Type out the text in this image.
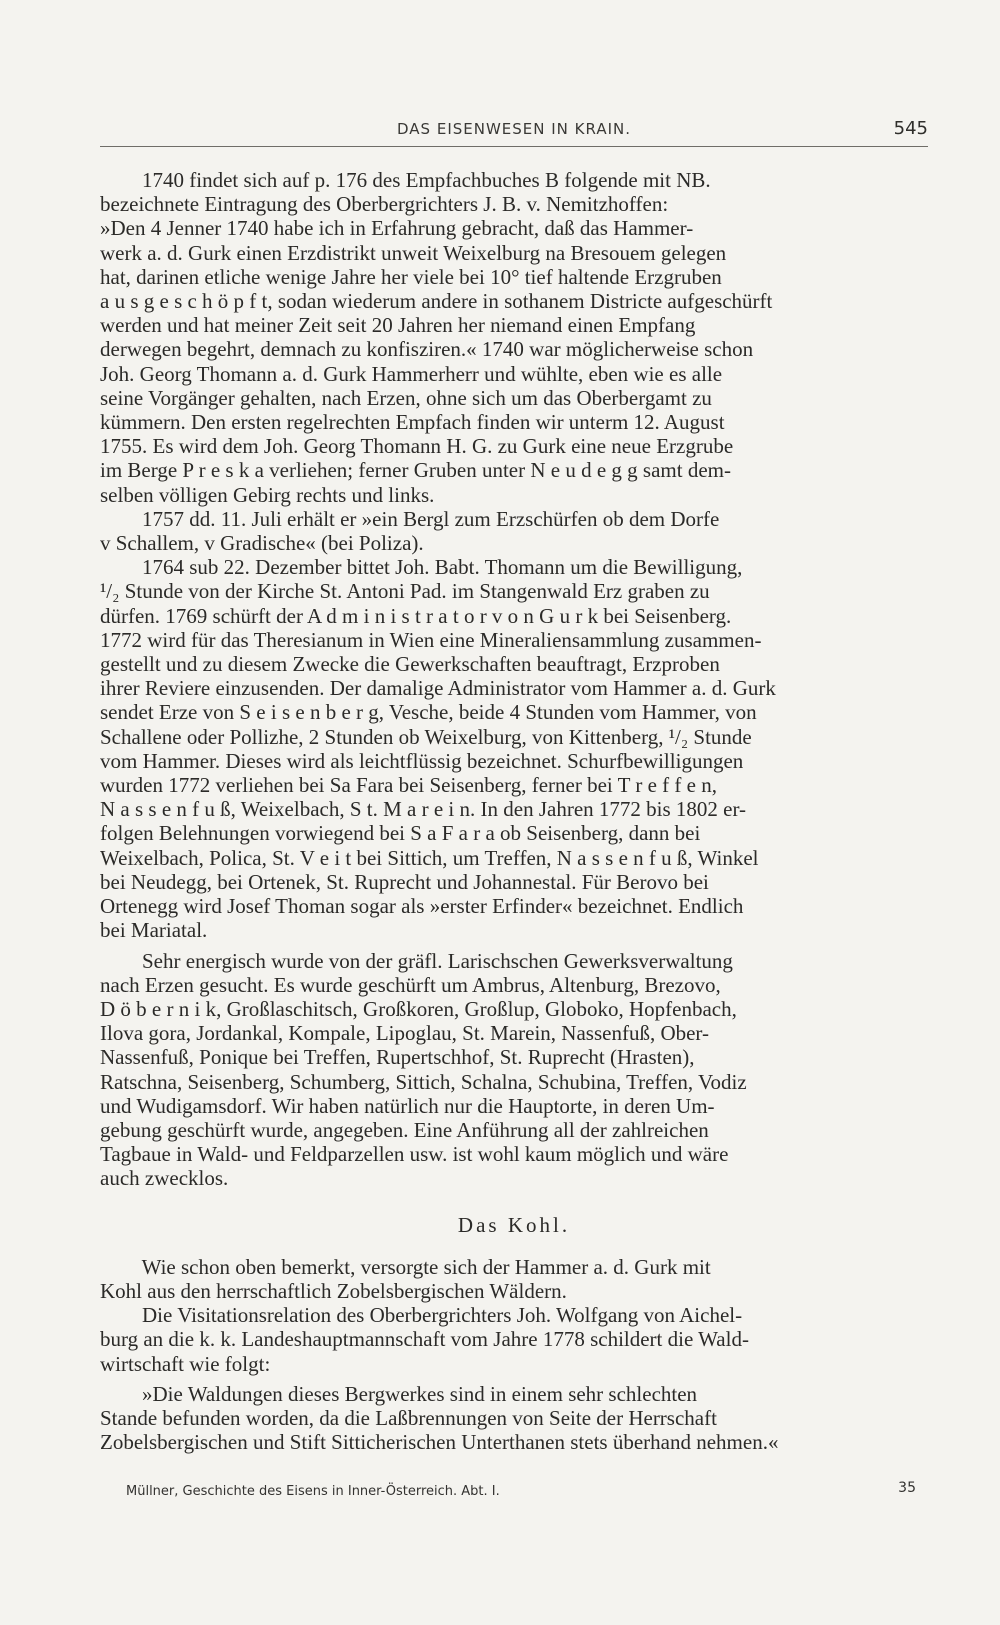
DAS EISENWESEN IN KRAIN.	545
1740 findet sich auf p. 176 des Empfachbuches B folgende mit NB.
bezeichnete Eintragung des Oberbergrichters J. B. v. Nemitzhoffen:
»Den 4 Jenner 1740 habe ich in Erfahrung gebracht, daß das Hammer-
werk a. d. Gurk einen Erzdistrikt unweit Weixelburg na Bresouem gelegen
hat, darinen etliche wenige Jahre her viele bei 10° tief haltende Erzgruben
a u s g e s c h ö p f t, sodan wiederum andere in sothanem Districte aufgeschürft
werden und hat meiner Zeit seit 20 Jahren her niemand einen Empfang
derwegen begehrt, demnach zu konfisziren.« 1740 war möglicherweise schon
Joh. Georg Thomann a. d. Gurk Hammerherr und wühlte, eben wie es alle
seine Vorgänger gehalten, nach Erzen, ohne sich um das Oberbergamt zu
kümmern. Den ersten regelrechten Empfach finden wir unterm 12. August
1755. Es wird dem Joh. Georg Thomann H. G. zu Gurk eine neue Erzgrube
im Berge P r e s k a verliehen; ferner Gruben unter N e u d e g g samt dem-
selben völligen Gebirg rechts und links.
1757 dd. 11. Juli erhält er »ein Bergl zum Erzschürfen ob dem Dorfe
v Schallem, v Gradische« (bei Poliza).
1764 sub 22. Dezember bittet Joh. Babt. Thomann um die Bewilligung,
¹/₂ Stunde von der Kirche St. Antoni Pad. im Stangenwald Erz graben zu
dürfen. 1769 schürft der A d m i n i s t r a t o r v o n G u r k bei Seisenberg.
1772 wird für das Theresianum in Wien eine Mineraliensammlung zusammen-
gestellt und zu diesem Zwecke die Gewerkschaften beauftragt, Erzproben
ihrer Reviere einzusenden. Der damalige Administrator vom Hammer a. d. Gurk
sendet Erze von S e i s e n b e r g, Vesche, beide 4 Stunden vom Hammer, von
Schallene oder Pollizhe, 2 Stunden ob Weixelburg, von Kittenberg, ¹/₂ Stunde
vom Hammer. Dieses wird als leichtflüssig bezeichnet. Schurfbewilligungen
wurden 1772 verliehen bei Sa Fara bei Seisenberg, ferner bei T r e f f e n,
N a s s e n f u ß, Weixelbach, S t. M a r e i n. In den Jahren 1772 bis 1802 er-
folgen Belehnungen vorwiegend bei S a F a r a ob Seisenberg, dann bei
Weixelbach, Polica, St. V e i t bei Sittich, um Treffen, N a s s e n f u ß, Winkel
bei Neudegg, bei Ortenek, St. Ruprecht und Johannestal. Für Berovo bei
Ortenegg wird Josef Thoman sogar als »erster Erfinder« bezeichnet. Endlich
bei Mariatal.
Sehr energisch wurde von der gräfl. Larischschen Gewerksverwaltung
nach Erzen gesucht. Es wurde geschürft um Ambrus, Altenburg, Brezovo,
D ö b e r n i k, Großlaschitsch, Großkoren, Großlup, Globoko, Hopfenbach,
Ilova gora, Jordankal, Kompale, Lipoglau, St. Marein, Nassenfuß, Ober-
Nassenfuß, Ponique bei Treffen, Rupertschhof, St. Ruprecht (Hrasten),
Ratschna, Seisenberg, Schumberg, Sittich, Schalna, Schubina, Treffen, Vodiz
und Wudigamsdorf. Wir haben natürlich nur die Hauptorte, in deren Um-
gebung geschürft wurde, angegeben. Eine Anführung all der zahlreichen
Tagbaue in Wald- und Feldparzellen usw. ist wohl kaum möglich und wäre
auch zwecklos.
Das Kohl.
Wie schon oben bemerkt, versorgte sich der Hammer a. d. Gurk mit
Kohl aus den herrschaftlich Zobelsbergischen Wäldern.
Die Visitationsrelation des Oberbergrichters Joh. Wolfgang von Aichel-
burg an die k. k. Landeshauptmannschaft vom Jahre 1778 schildert die Wald-
wirtschaft wie folgt:
»Die Waldungen dieses Bergwerkes sind in einem sehr schlechten
Stande befunden worden, da die Laßbrennungen von Seite der Herrschaft
Zobelsbergischen und Stift Sitticherischen Unterthanen stets überhand nehmen.«
Müllner, Geschichte des Eisens in Inner-Österreich. Abt. I.	35
